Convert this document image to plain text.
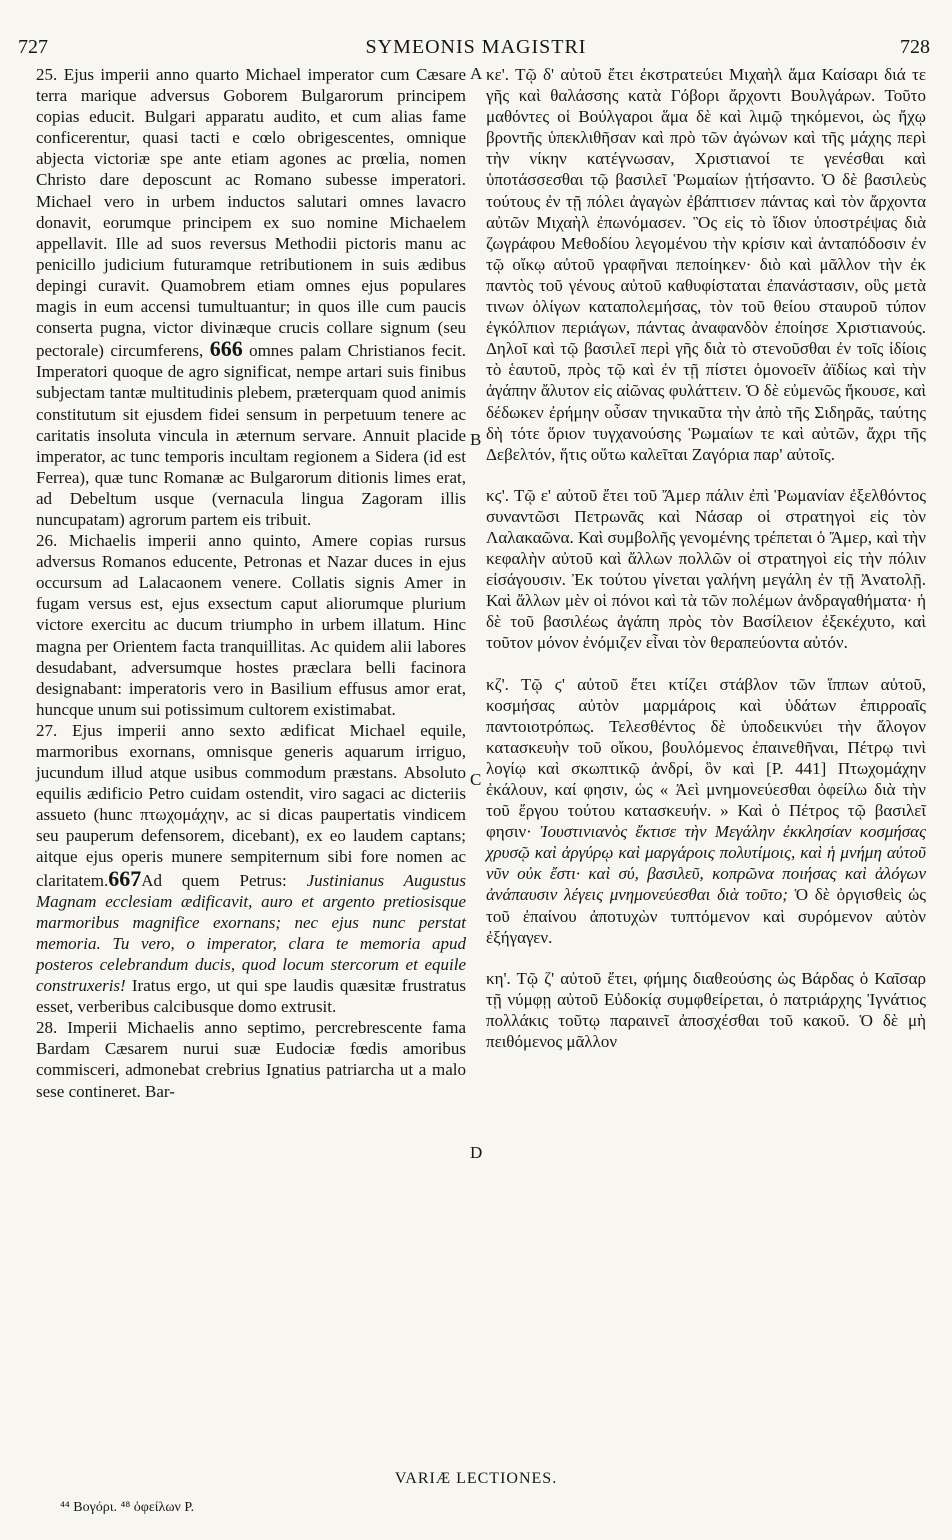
727	SYMEONIS MAGISTRI	728

25. Ejus imperii anno quarto Michael imperator cum Cæsare terra marique adversus Goborem Bulgarorum principem copias educit. Bulgari apparatu audito, et cum alias fame conficerentur, quasi tacti e cœlo obrigescentes, omnique abjecta victoriæ spe ante etiam agones ac prœlia, nomen Christo dare deposcunt ac Romano subesse imperatori. Michael vero in urbem inductos salutari omnes lavacro donavit, eorumque principem ex suo nomine Michaelem appellavit. Ille ad suos reversus Methodii pictoris manu ac penicillo judicium futuramque retributionem in suis ædibus depingi curavit. Quamobrem etiam omnes ejus populares magis in eum accensi tumultuantur; in quos ille cum paucis conserta pugna, victor divinæque crucis collare signum (seu pectorale) circumferens, 666 omnes palam Christianos fecit. Imperatori quoque de agro significat, nempe artari suis finibus subjectam tantæ multitudinis plebem, præterquam quod animis constitutum sit ejusdem fidei sensum in perpetuum tenere ac caritatis insoluta vincula in æternum servare. Annuit placide imperator, ac tunc temporis incultam regionem a Sidera (id est Ferrea), quæ tunc Romanæ ac Bulgarorum ditionis limes erat, ad Debeltum usque (vernacula lingua Zagoram illis nuncupatam) agrorum partem eis tribuit.

26. Michaelis imperii anno quinto, Amere copias rursus adversus Romanos educente, Petronas et Nazar duces in ejus occursum ad Lalacaonem venere. Collatis signis Amer in fugam versus est, ejus exsectum caput aliorumque plurium victore exercitu ac ducum triumpho in urbem illatum. Hinc magna per Orientem facta tranquillitas. Ac quidem alii labores desudabant, adversumque hostes præclara belli facinora designabant: imperatoris vero in Basilium effusus amor erat, huncque unum sui potissimum cultorem existimabat.

27. Ejus imperii anno sexto ædificat Michael equile, marmoribus exornans, omnisque generis aquarum irriguo, jucundum illud atque usibus commodum præstans. Absoluto equilis ædificio Petro cuidam ostendit, viro sagaci ac dicteriis assueto (hunc πτωχομάχην, ac si dicas paupertatis vindicem seu pauperum defensorem, dicebant), ex eo laudem captans; aitque ejus operis munere sempiternum sibi fore nomen ac claritatem.667Ad quem Petrus: Justinianus Augustus Magnam ecclesiam ædificavit, auro et argento pretiosisque marmoribus magnifice exornans; nec ejus nunc perstat memoria. Tu vero, o imperator, clara te memoria apud posteros celebrandum ducis, quod locum stercorum et equile construxeris! Iratus ergo, ut qui spe laudis quæsitæ frustratus esset, verberibus calcibusque domo extrusit.

28. Imperii Michaelis anno septimo, percrebrescente fama Bardam Cæsarem nurui suæ Eudociæ fœdis amoribus commisceri, admonebat crebrius Ignatius patriarcha ut a malo sese contineret. Bar-

A
B
C
D

κε'. Τῷ δ' αὐτοῦ ἔτει ἐκστρατεύει Μιχαὴλ ἅμα Καίσαρι διά τε γῆς καὶ θαλάσσης κατὰ Γόβορι ἄρχοντι Βουλγάρων. Τοῦτο μαθόντες οἱ Βούλγαροι ἅμα δὲ καὶ λιμῷ τηκόμενοι, ὡς ἤχῳ βροντῆς ὑπεκλιθῆσαν καὶ πρὸ τῶν ἀγώνων καὶ τῆς μάχης περὶ τὴν νίκην κατέγνωσαν, Χριστιανοί τε γενέσθαι καὶ ὑποτάσσεσθαι τῷ βασιλεῖ Ῥωμαίων ᾐτήσαντο. Ὁ δὲ βασιλεὺς τούτους ἐν τῇ πόλει ἀγαγὼν ἐβάπτισεν πάντας καὶ τὸν ἄρχοντα αὐτῶν Μιχαὴλ ἐπωνόμασεν. Ὃς εἰς τὸ ἴδιον ὑποστρέψας διὰ ζωγράφου Μεθοδίου λεγομένου τὴν κρίσιν καὶ ἀνταπόδοσιν ἐν τῷ οἴκῳ αὐτοῦ γραφῆναι πεποίηκεν· διὸ καὶ μᾶλλον τὴν ἐκ παντὸς τοῦ γένους αὐτοῦ καθυφίσταται ἐπανάστασιν, οὓς μετὰ τινων ὀλίγων καταπολεμήσας, τὸν τοῦ θείου σταυροῦ τύπον ἐγκόλπιον περιάγων, πάντας ἀναφανδὸν ἐποίησε Χριστιανούς. Δηλοῖ καὶ τῷ βασιλεῖ περὶ γῆς διὰ τὸ στενοῦσθαι ἐν τοῖς ἰδίοις τὸ ἑαυτοῦ, πρὸς τῷ καὶ ἐν τῇ πίστει ὁμονοεῖν ἀϊδίως καὶ τὴν ἀγάπην ἄλυτον εἰς αἰῶνας φυλάττειν. Ὁ δὲ εὐμενῶς ἤκουσε, καὶ δέδωκεν ἐρήμην οὖσαν τηνικαῦτα τὴν ἀπὸ τῆς Σιδηρᾶς, ταύτης δὴ τότε ὅριον τυγχανούσης Ῥωμαίων τε καὶ αὐτῶν, ἄχρι τῆς Δεβελτόν, ἥτις οὕτω καλεῖται Ζαγόρια παρ' αὐτοῖς.

κϛ'. Τῷ ε' αὐτοῦ ἔτει τοῦ Ἄμερ πάλιν ἐπὶ Ῥωμανίαν ἐξελθόντος συναντῶσι Πετρωνᾶς καὶ Νάσαρ οἱ στρατηγοὶ εἰς τὸν Λαλακαῶνα. Καὶ συμβολῆς γενομένης τρέπεται ὁ Ἄμερ, καὶ τὴν κεφαλὴν αὐτοῦ καὶ ἄλλων πολλῶν οἱ στρατηγοὶ εἰς τὴν πόλιν εἰσάγουσιν. Ἐκ τούτου γίνεται γαλήνη μεγάλη ἐν τῇ Ἀνατολῇ. Καὶ ἄλλων μὲν οἱ πόνοι καὶ τὰ τῶν πολέμων ἀνδραγαθήματα· ἡ δὲ τοῦ βασιλέως ἀγάπη πρὸς τὸν Βασίλειον ἐξεκέχυτο, καὶ τοῦτον μόνον ἐνόμιζεν εἶναι τὸν θεραπεύοντα αὐτόν.

κζ'. Τῷ ϛ' αὐτοῦ ἔτει κτίζει στάβλον τῶν ἵππων αὐτοῦ, κοσμήσας αὐτὸν μαρμάροις καὶ ὑδάτων ἐπιρροαῖς παντοιοτρόπως. Τελεσθέντος δὲ ὑποδεικνύει τὴν ἄλογον κατασκευὴν τοῦ οἴκου, βουλόμενος ἐπαινεθῆναι, Πέτρῳ τινὶ λογίῳ καὶ σκωπτικῷ ἀνδρί, ὃν καὶ [P. 441] Πτωχομάχην ἐκάλουν, καί φησιν, ὡς « Ἀεὶ μνημονεύεσθαι ὀφείλω διὰ τὴν τοῦ ἔργου τούτου κατασκευήν. » Καὶ ὁ Πέτρος τῷ βασιλεῖ φησιν· Ἰουστινιανὸς ἔκτισε τὴν Μεγάλην ἐκκλησίαν κοσμήσας χρυσῷ καὶ ἀργύρῳ καὶ μαργάροις πολυτίμοις, καὶ ἡ μνήμη αὐτοῦ νῦν οὐκ ἔστι· καὶ σύ, βασιλεῦ, κοπρῶνα ποιήσας καὶ ἀλόγων ἀνάπαυσιν λέγεις μνημονεύεσθαι διὰ τοῦτο; Ὁ δὲ ὀργισθεὶς ὡς τοῦ ἐπαίνου ἀποτυχὼν τυπτόμενον καὶ συρόμενον αὐτὸν ἐξήγαγεν.

κη'. Τῷ ζ' αὐτοῦ ἔτει, φήμης διαθεούσης ὡς Βάρδας ὁ Καῖσαρ τῇ νύμφῃ αὐτοῦ Εὐδοκίᾳ συμφθείρεται, ὁ πατριάρχης Ἰγνάτιος πολλάκις τοῦτῳ παραινεῖ ἀποσχέσθαι τοῦ κακοῦ. Ὁ δὲ μὴ πειθόμενος μᾶλλον

VARIÆ LECTIONES.
⁴⁴ Βογόρι. ⁴⁸ ὀφείλων P.
